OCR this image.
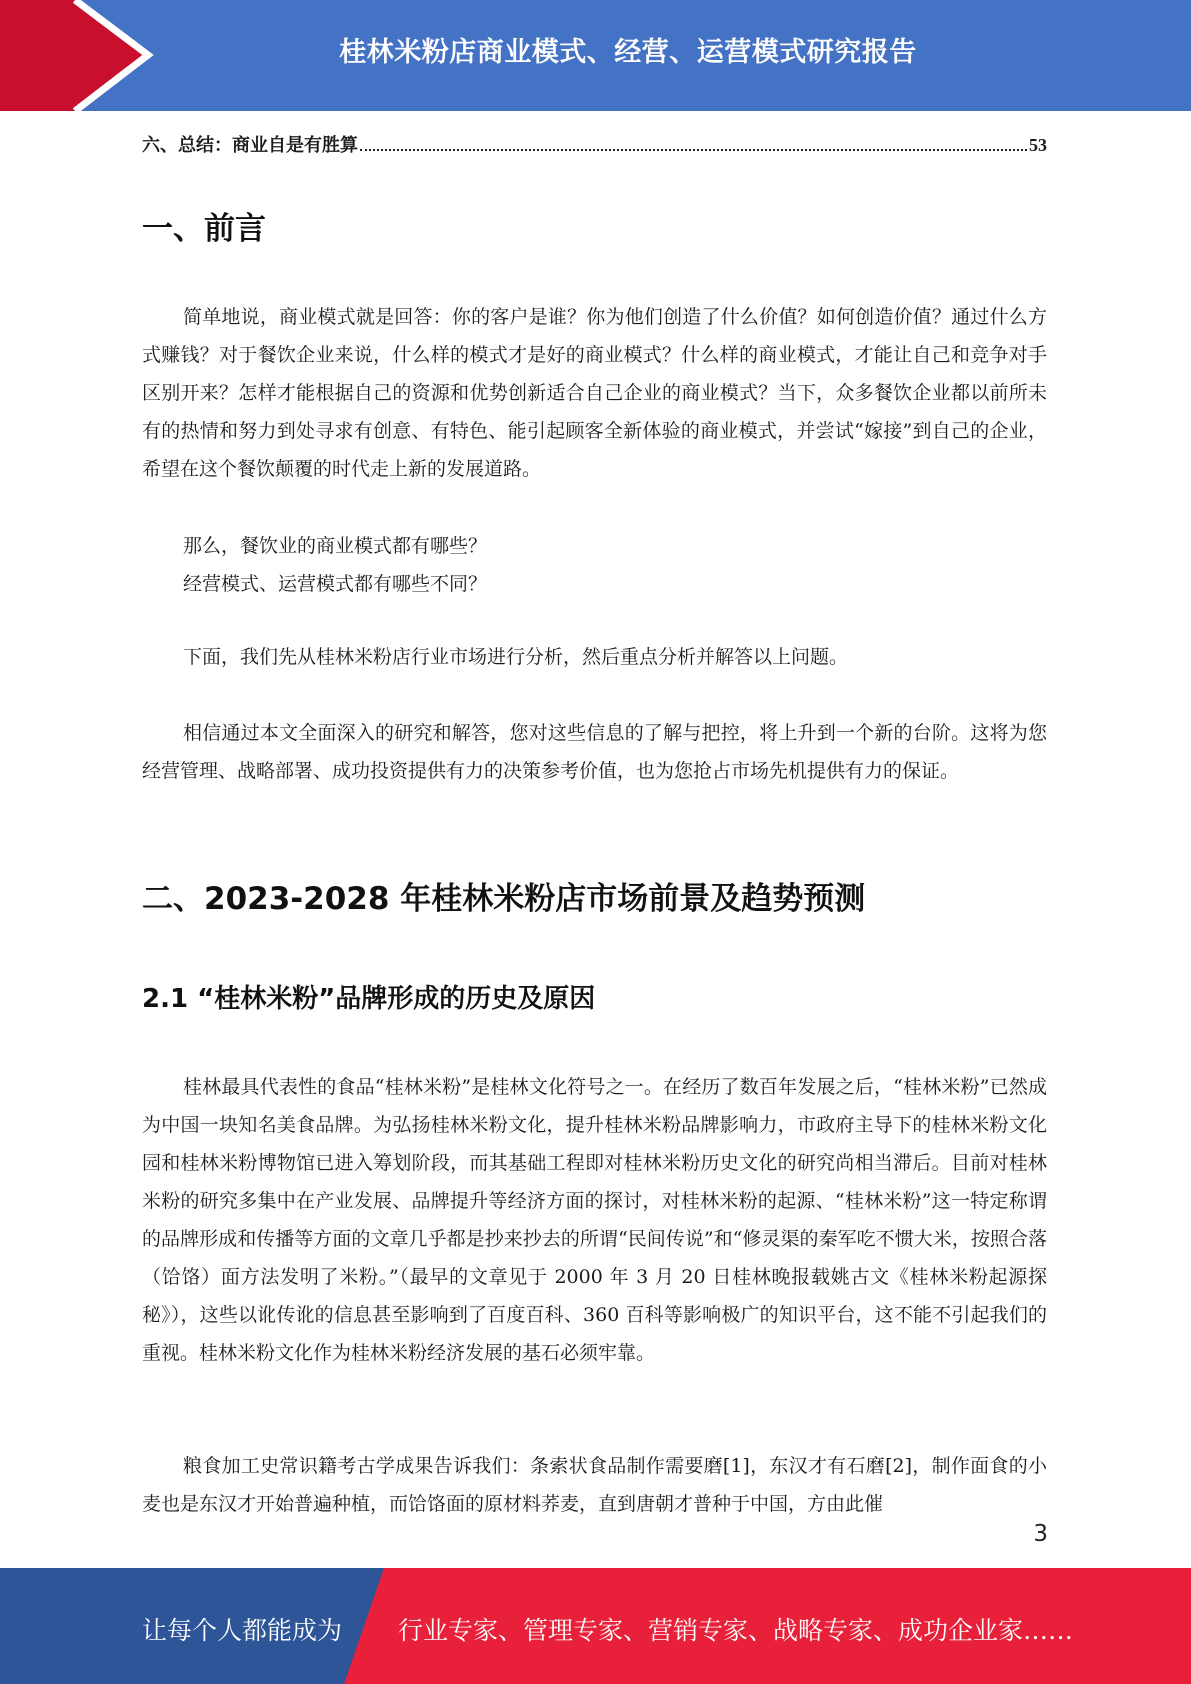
桂林米粉店商业模式、经营、运营模式研究报告
六、总结：商业自是有胜算	53
一、前言

简单地说，商业模式就是回答：你的客户是谁？你为他们创造了什么价值？如何创造价值？通过什么方式赚钱？对于餐饮企业来说，什么样的模式才是好的商业模式？什么样的商业模式，才能让自己和竞争对手区别开来？怎样才能根据自己的资源和优势创新适合自己企业的商业模式？当下，众多餐饮企业都以前所未有的热情和努力到处寻求有创意、有特色、能引起顾客全新体验的商业模式，并尝试“嫁接”到自己的企业，希望在这个餐饮颠覆的时代走上新的发展道路。

那么，餐饮业的商业模式都有哪些？

经营模式、运营模式都有哪些不同？

下面，我们先从桂林米粉店行业市场进行分析，然后重点分析并解答以上问题。

相信通过本文全面深入的研究和解答，您对这些信息的了解与把控，将上升到一个新的台阶。这将为您经营管理、战略部署、成功投资提供有力的决策参考价值，也为您抢占市场先机提供有力的保证。

二、2023-2028 年桂林米粉店市场前景及趋势预测
2.1 “桂林米粉”品牌形成的历史及原因

桂林最具代表性的食品“桂林米粉”是桂林文化符号之一。在经历了数百年发展之后，“桂林米粉”已然成为中国一块知名美食品牌。为弘扬桂林米粉文化，提升桂林米粉品牌影响力，市政府主导下的桂林米粉文化园和桂林米粉博物馆已进入筹划阶段，而其基础工程即对桂林米粉历史文化的研究尚相当滞后。目前对桂林米粉的研究多集中在产业发展、品牌提升等经济方面的探讨，对桂林米粉的起源、“桂林米粉”这一特定称谓的品牌形成和传播等方面的文章几乎都是抄来抄去的所谓“民间传说”和“修灵渠的秦军吃不惯大米，按照合落（饸饹）面方法发明了米粉。”（最早的文章见于 2000 年 3 月 20 日桂林晚报载姚古文《桂林米粉起源探秘》），这些以讹传讹的信息甚至影响到了百度百科、360 百科等影响极广的知识平台，这不能不引起我们的重视。桂林米粉文化作为桂林米粉经济发展的基石必须牢靠。

粮食加工史常识籍考古学成果告诉我们：条索状食品制作需要磨[1]，东汉才有石磨[2]，制作面食的小麦也是东汉才开始普遍种植，而饸饹面的原材料荞麦，直到唐朝才普种于中国，方由此催

3
让每个人都能成为 行业专家、管理专家、营销专家、战略专家、成功企业家……
